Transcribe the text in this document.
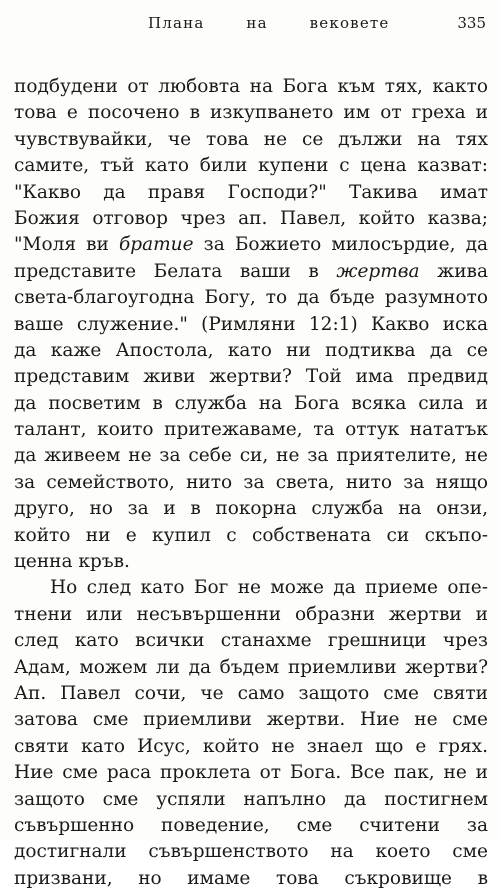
Плана   на   вековете	335
подбудени от любовта на Бога към тях, както
това е посочено в изкупването им от греха и
чувствувайки, че това не се дължи на тях
самите, тъй като били купени с цена казват:
"Какво да правя Господи?" Такива имат
Божия отговор чрез ап. Павел, който казва;
"Моля ви братие за Божието милосърдие, да
представите Белата ваши в жертва жива
света-благоугодна Богу, то да бъде разумното
ваше служение." (Римляни 12:1) Какво иска
да каже Апостола, като ни подтиква да се
представим живи жертви? Той има предвид
да посветим в служба на Бога всяка сила и
талант, които притежаваме, та оттук нататък
да живеем не за себе си, не за приятелите, не
за семейството, нито за света, нито за нящо
друго, но за и в покорна служба на онзи,
който ни е купил с собствената си скъпо-
ценна кръв.
Но след като Бог не може да приеме опе-
тнени или несъвършенни образни жертви и
след като всички станахме грешници чрез
Адам, можем ли да бъдем приемливи жертви?
Ап. Павел сочи, че само защото сме святи
затова сме приемливи жертви. Ние не сме
святи като Исус, който не знаел що е грях.
Ние сме раса проклета от Бога. Все пак, не и
защото сме успяли напълно да постигнем
съвършенно поведение, сме считени за
достигнали съвършенството на което сме
призвани, но имаме това съкровище в
